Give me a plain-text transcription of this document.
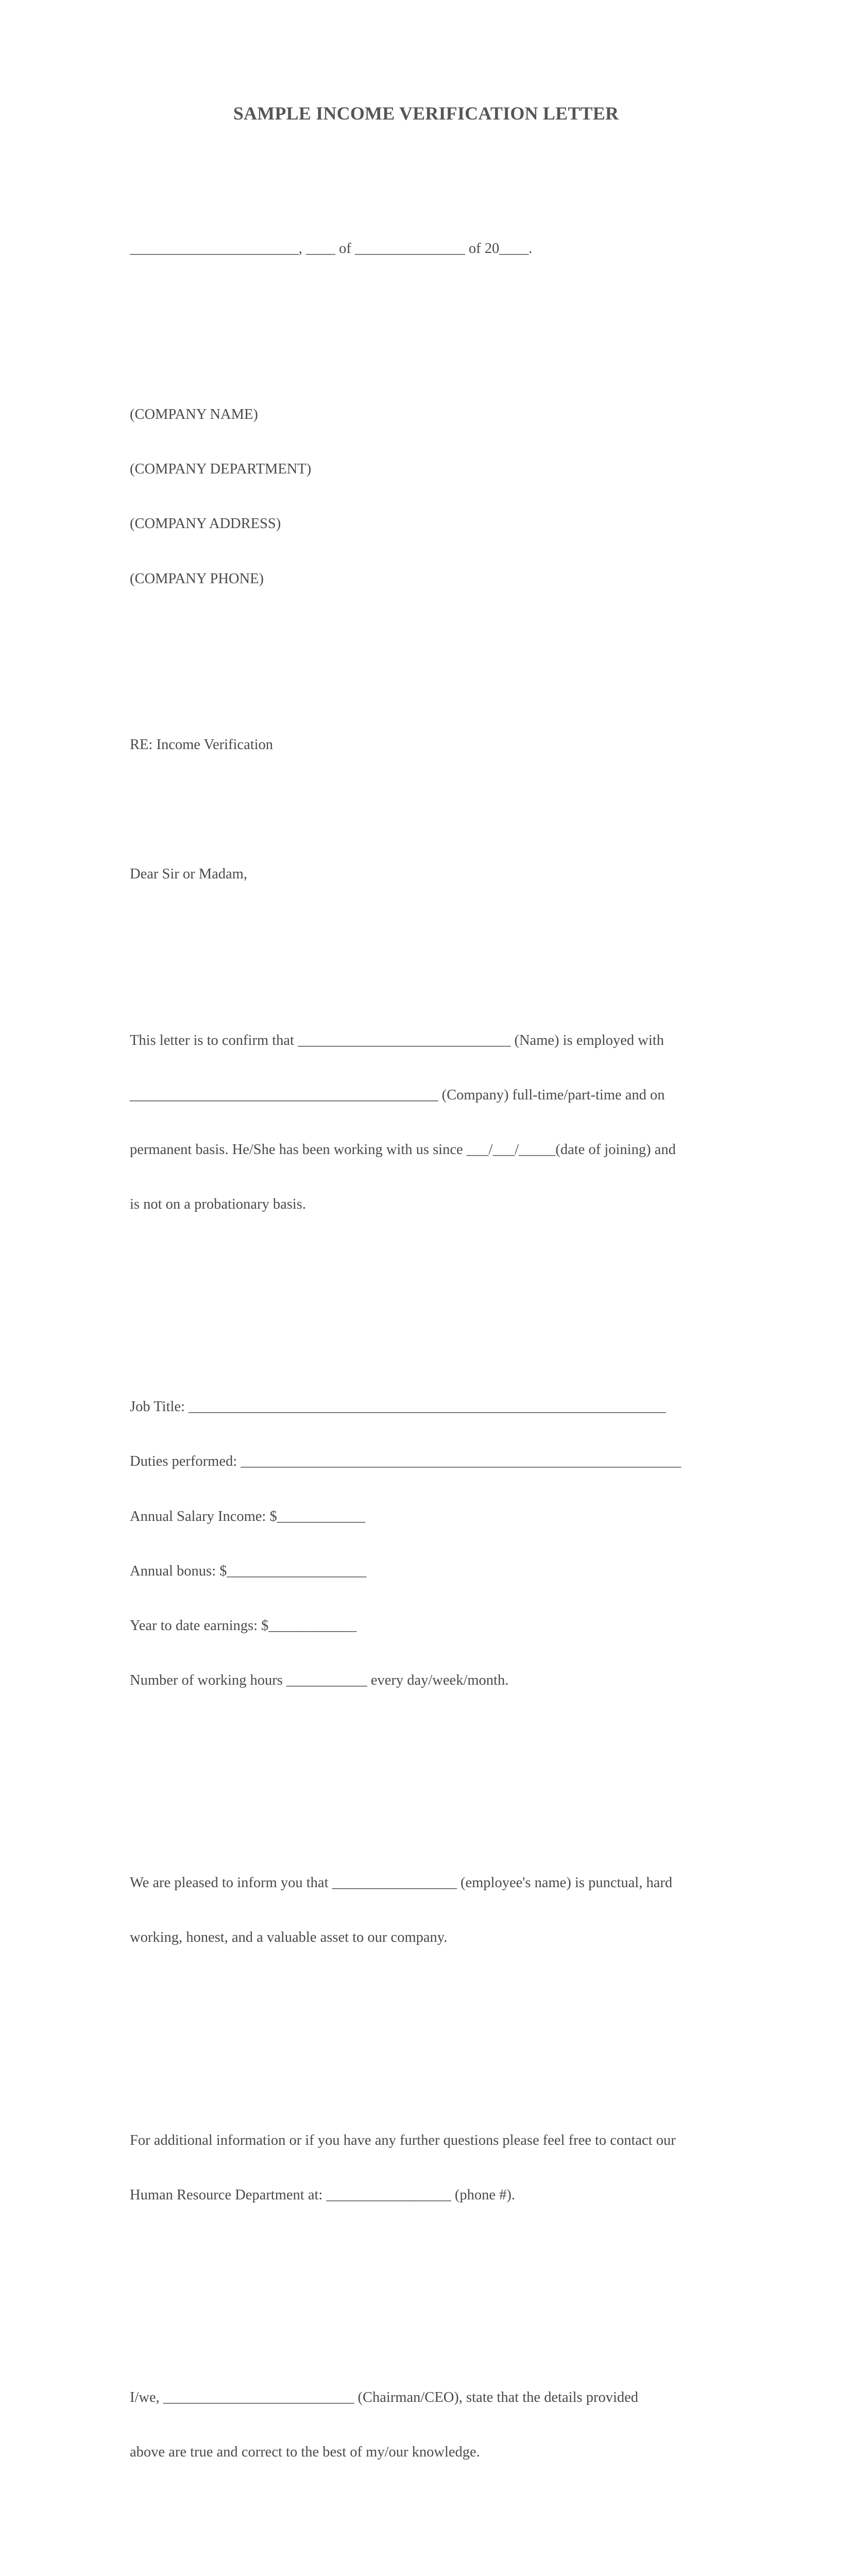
SAMPLE INCOME VERIFICATION LETTER

_______________________, ____ of _______________ of 20____.

(COMPANY NAME)

(COMPANY DEPARTMENT)

(COMPANY ADDRESS)

(COMPANY PHONE)

RE: Income Verification

Dear Sir or Madam,

This letter is to confirm that _____________________________ (Name) is employed with

__________________________________________ (Company) full-time/part-time and on

permanent basis. He/She has been working with us since ___/___/_____(date of joining) and

is not on a probationary basis.

Job Title: _________________________________________________________________

Duties performed: ____________________________________________________________

Annual Salary Income: $____________

Annual bonus: $___________________

Year to date earnings: $____________

Number of working hours ___________ every day/week/month.

We are pleased to inform you that _________________ (employee's name) is punctual, hard

working, honest, and a valuable asset to our company.

For additional information or if you have any further questions please feel free to contact our

Human Resource Department at: _________________ (phone #).

I/we, __________________________ (Chairman/CEO), state that the details provided

above are true and correct to the best of my/our knowledge.
